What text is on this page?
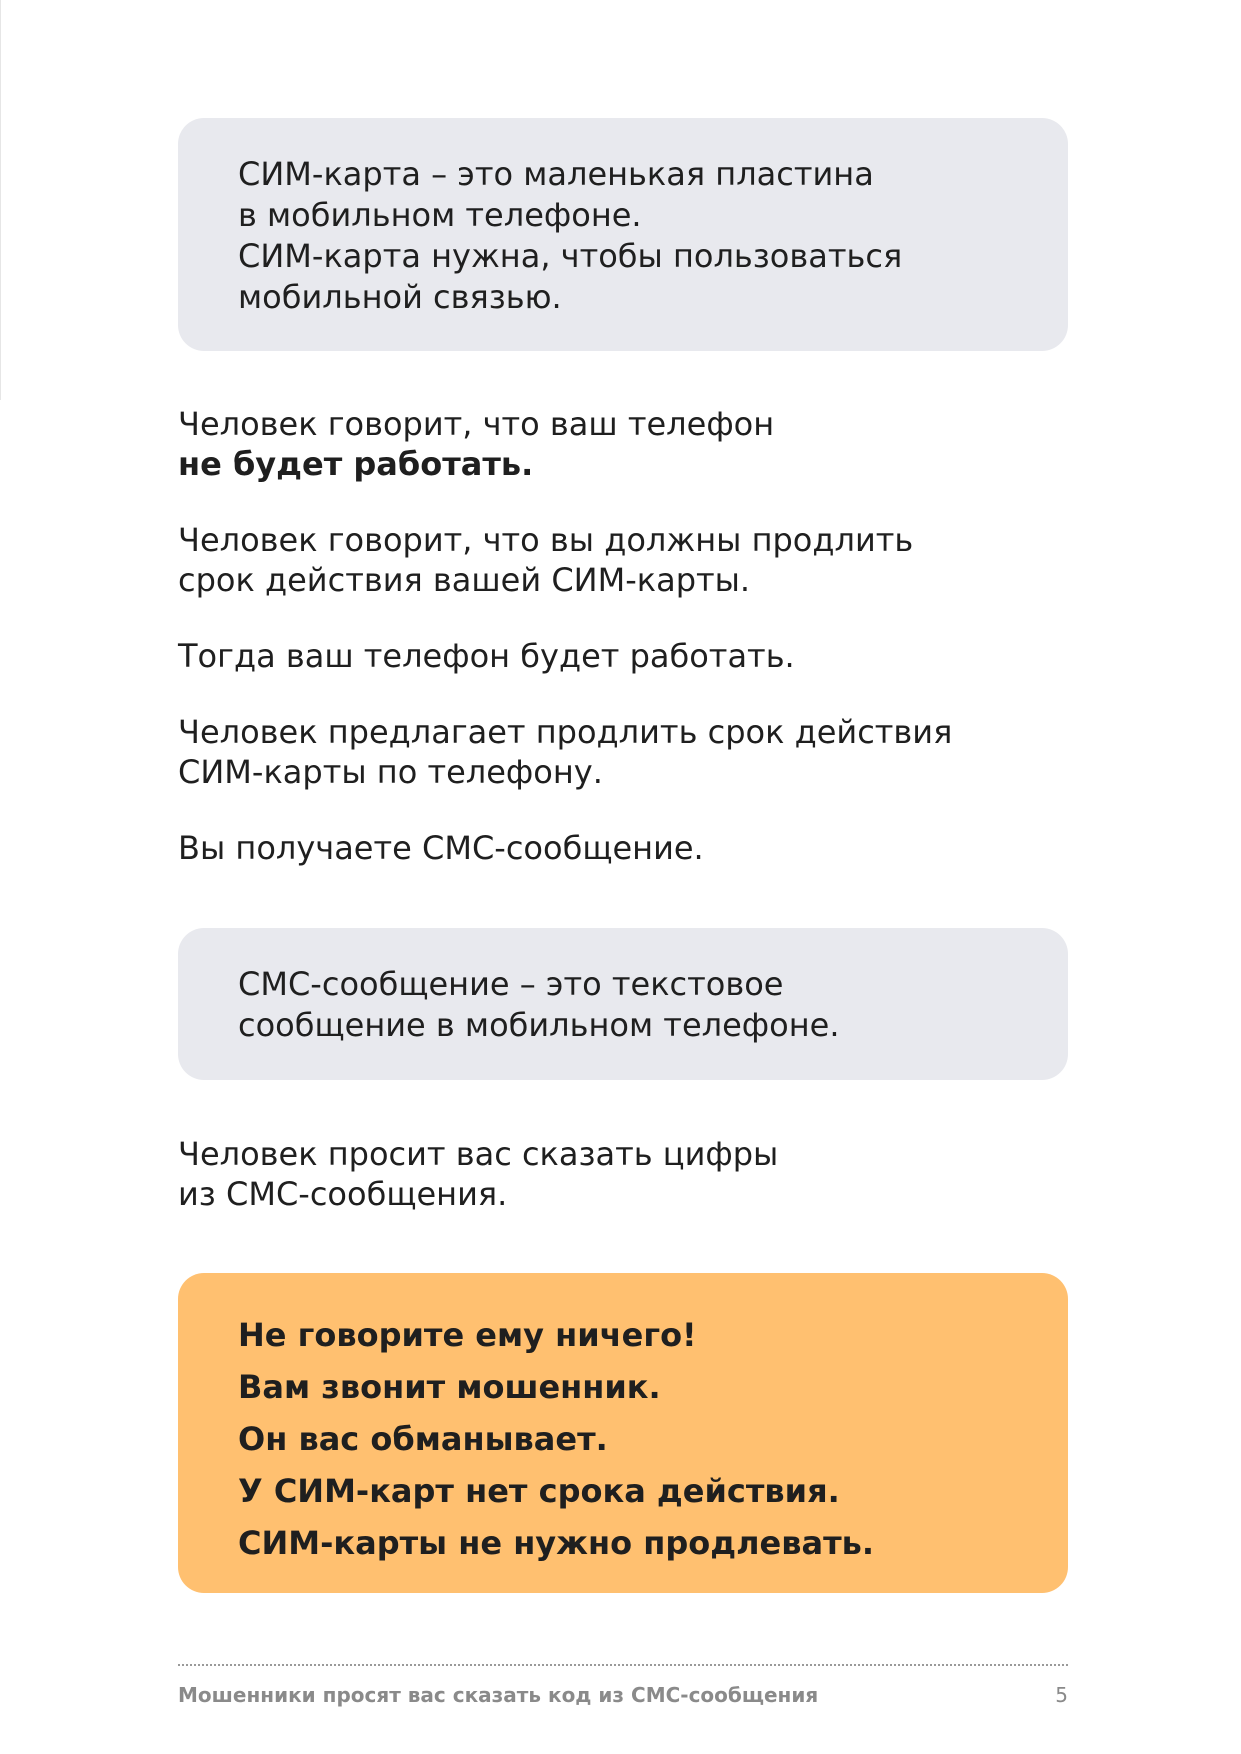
СИМ-карта – это маленькая пластина
в мобильном телефоне.
СИМ-карта нужна, чтобы пользоваться
мобильной связью.
Человек говорит, что ваш телефон
не будет работать.
Человек говорит, что вы должны продлить
срок действия вашей СИМ-карты.
Тогда ваш телефон будет работать.
Человек предлагает продлить срок действия
СИМ-карты по телефону.
Вы получаете СМС-сообщение.
СМС-сообщение – это текстовое
сообщение в мобильном телефоне.
Человек просит вас сказать цифры
из СМС-сообщения.
Не говорите ему ничего!
Вам звонит мошенник.
Он вас обманывает.
У СИМ-карт нет срока действия.
СИМ-карты не нужно продлевать.
Мошенники просят вас сказать код из СМС-сообщения	5
